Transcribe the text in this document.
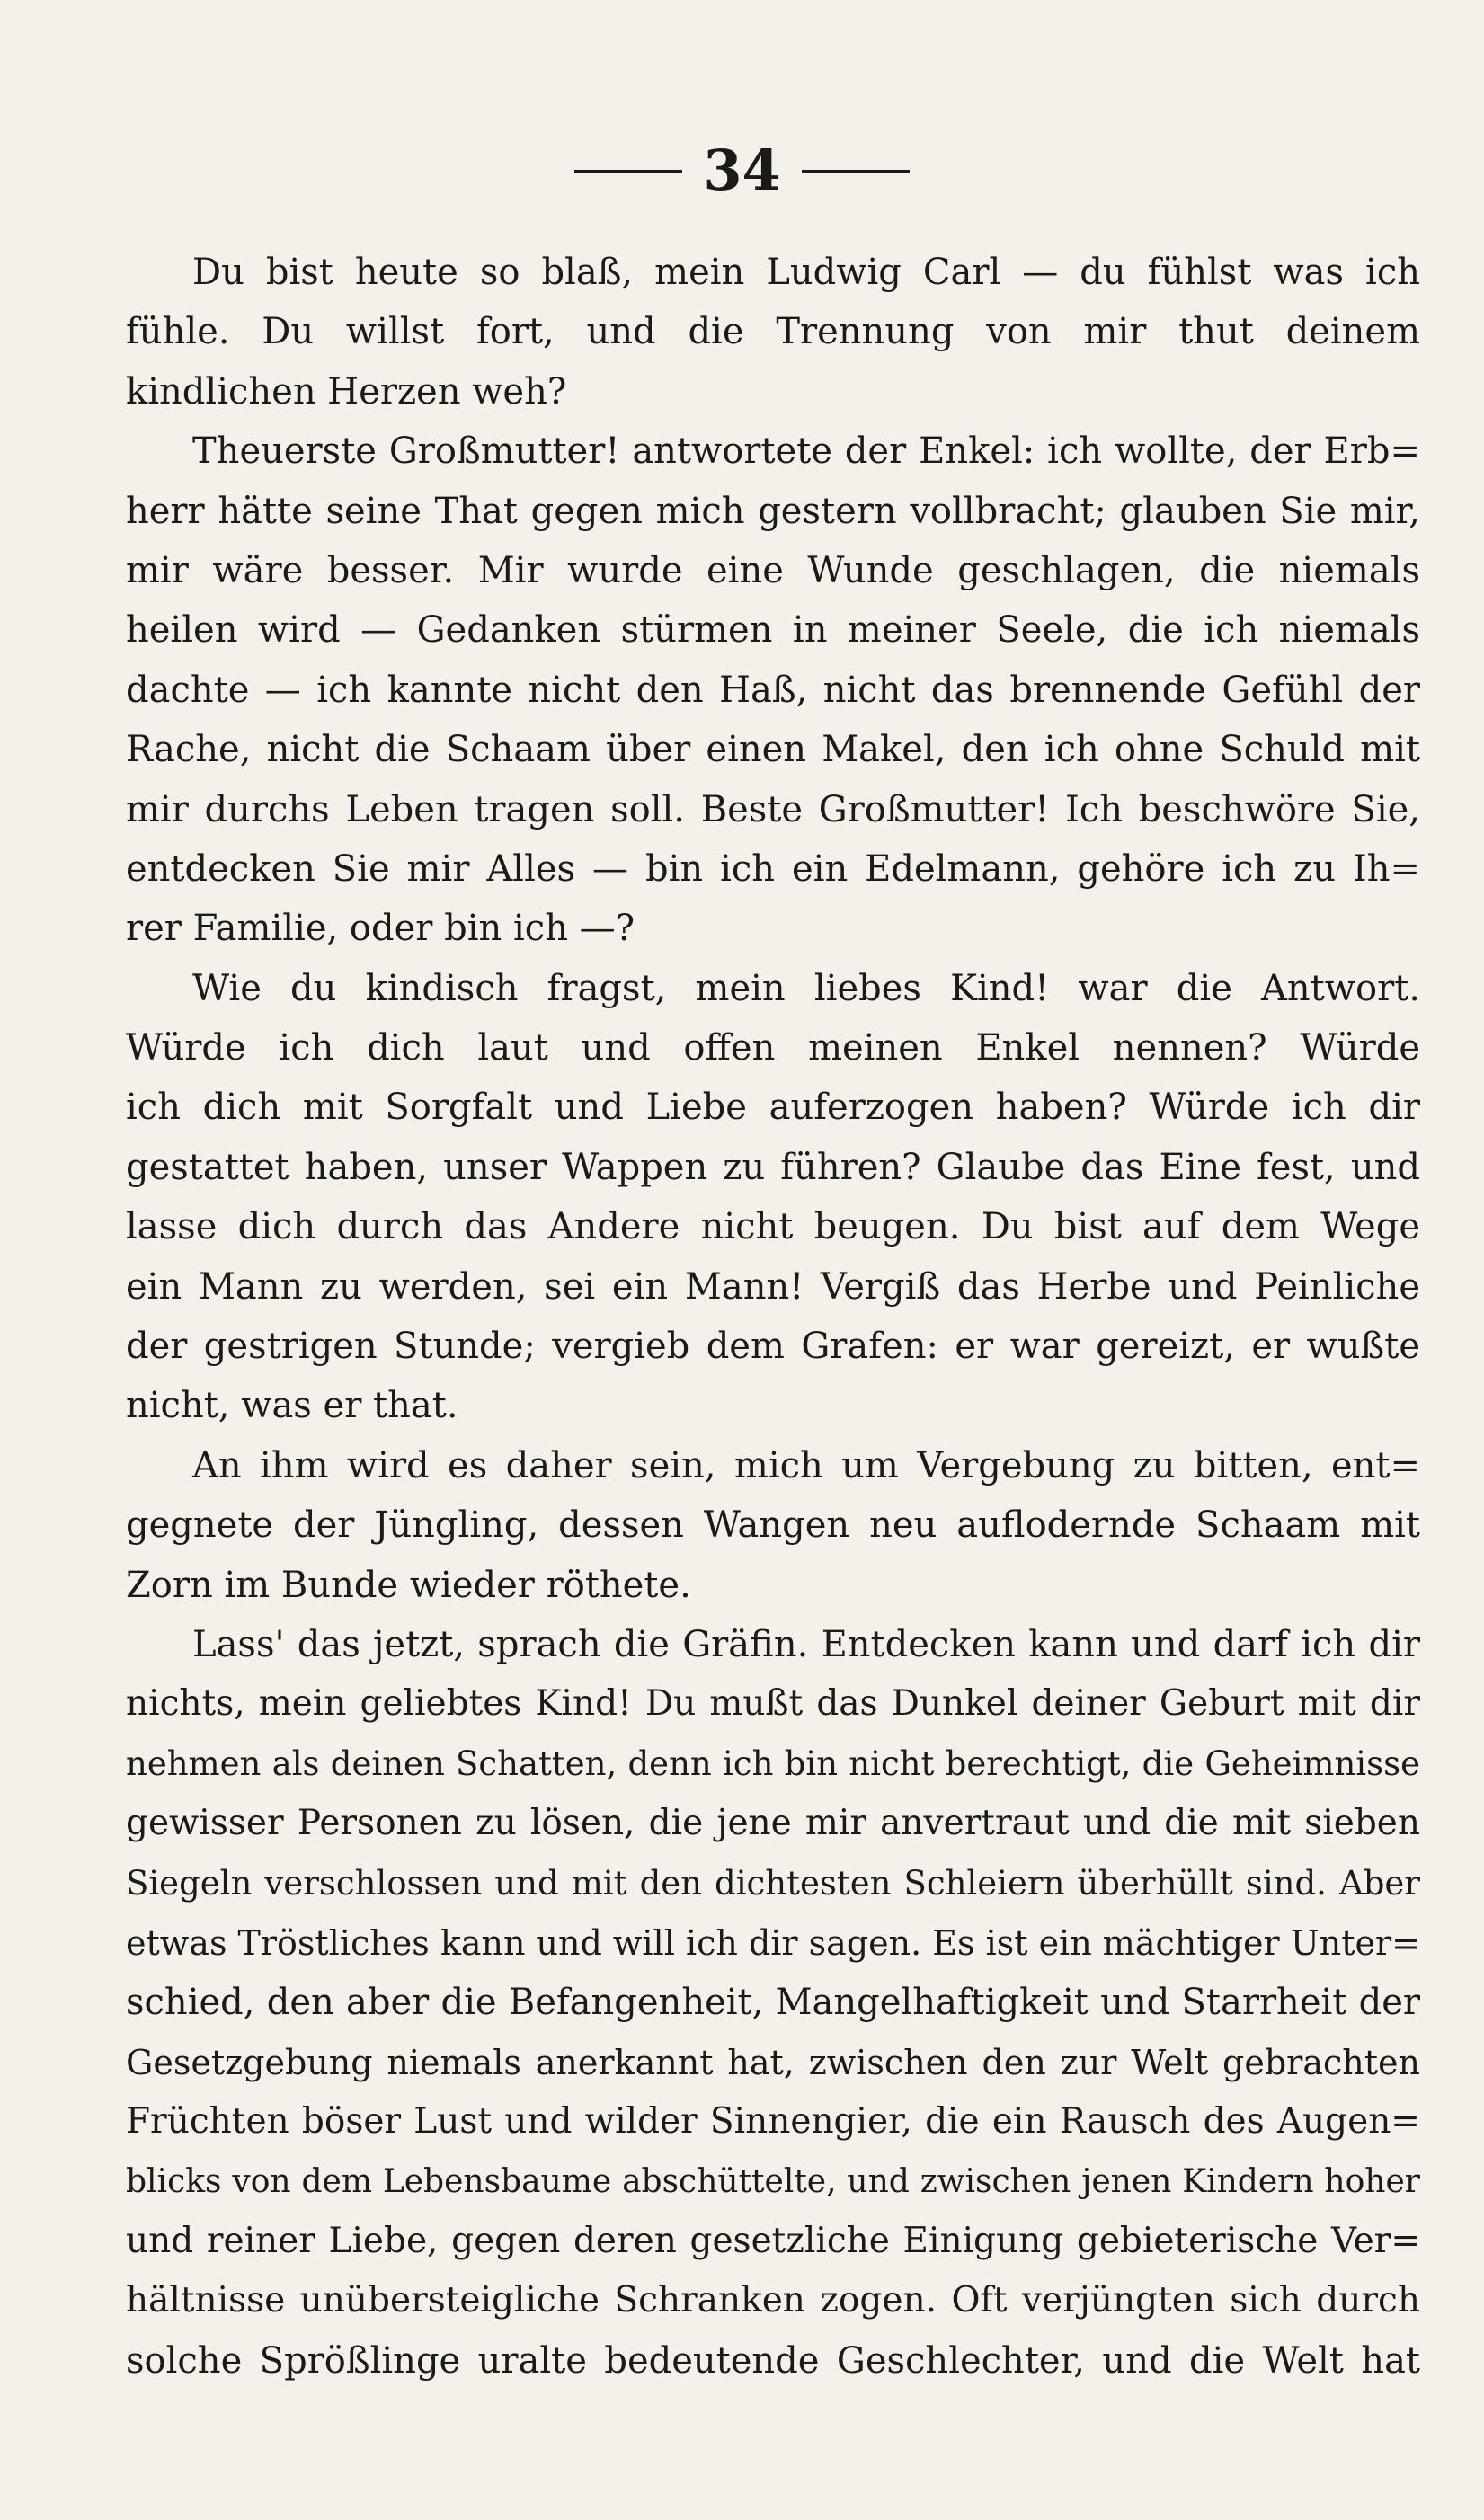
34
Du bist heute so blaß, mein Ludwig Carl — du fühlst was ich
fühle. Du willst fort, und die Trennung von mir thut deinem
kindlichen Herzen weh?
Theuerste Großmutter! antwortete der Enkel: ich wollte, der Erb=
herr hätte seine That gegen mich gestern vollbracht; glauben Sie mir,
mir wäre besser. Mir wurde eine Wunde geschlagen, die niemals
heilen wird — Gedanken stürmen in meiner Seele, die ich niemals
dachte — ich kannte nicht den Haß, nicht das brennende Gefühl der
Rache, nicht die Schaam über einen Makel, den ich ohne Schuld mit
mir durchs Leben tragen soll. Beste Großmutter! Ich beschwöre Sie,
entdecken Sie mir Alles — bin ich ein Edelmann, gehöre ich zu Ih=
rer Familie, oder bin ich —?
Wie du kindisch fragst, mein liebes Kind! war die Antwort.
Würde ich dich laut und offen meinen Enkel nennen? Würde
ich dich mit Sorgfalt und Liebe auferzogen haben? Würde ich dir
gestattet haben, unser Wappen zu führen? Glaube das Eine fest, und
lasse dich durch das Andere nicht beugen. Du bist auf dem Wege
ein Mann zu werden, sei ein Mann! Vergiß das Herbe und Peinliche
der gestrigen Stunde; vergieb dem Grafen: er war gereizt, er wußte
nicht, was er that.
An ihm wird es daher sein, mich um Vergebung zu bitten, ent=
gegnete der Jüngling, dessen Wangen neu auflodernde Schaam mit
Zorn im Bunde wieder röthete.
Lass' das jetzt, sprach die Gräfin. Entdecken kann und darf ich dir
nichts, mein geliebtes Kind! Du mußt das Dunkel deiner Geburt mit dir
nehmen als deinen Schatten, denn ich bin nicht berechtigt, die Geheimnisse
gewisser Personen zu lösen, die jene mir anvertraut und die mit sieben
Siegeln verschlossen und mit den dichtesten Schleiern überhüllt sind. Aber
etwas Tröstliches kann und will ich dir sagen. Es ist ein mächtiger Unter=
schied, den aber die Befangenheit, Mangelhaftigkeit und Starrheit der
Gesetzgebung niemals anerkannt hat, zwischen den zur Welt gebrachten
Früchten böser Lust und wilder Sinnengier, die ein Rausch des Augen=
blicks von dem Lebensbaume abschüttelte, und zwischen jenen Kindern hoher
und reiner Liebe, gegen deren gesetzliche Einigung gebieterische Ver=
hältnisse unübersteigliche Schranken zogen. Oft verjüngten sich durch
solche Sprößlinge uralte bedeutende Geschlechter, und die Welt hat
